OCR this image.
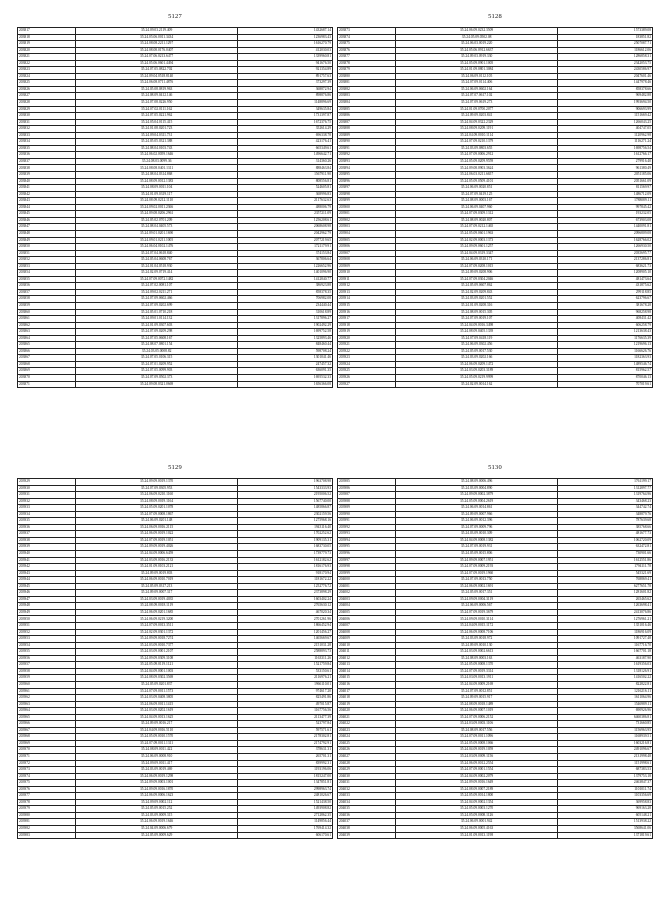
5127
203817	35.24.09.03.2119.409	1432687.14
203818	35.24.05.06.0011.3434	1236983.43
203819	35.24.08.08.2211.1297	1616270.79
203820	35.24.08.08.0176.0407	412030.03
203821	35.24.07.06.0213.6477	1339960.81
203822	35.24.05.06.0601.4494	941676.50
203823	35.24.07.05.0822.702	921354.89
203824	35.24.09.04.0518.8140	891757.63
203825	35.24.06.08.0711.4876	373297.39
203826	35.24.05.08.0819.963	368872.94
203827	35.24.08.09.0412.146	898876.86
203828	35.24.07.08.0226.950	1148896.69
203829	35.24.07.02.0111.162	349635.84
203830	35.24.07.05.0221.962	1731397.87
203831	35.24.05.04.0115.415	1672376.75
203832	35.24.01.08.0201.723	352614.29
203833	35.24.09.04.0311.731	696338.78
203834	35.24.05.05.0321.388	423176.41
203835	35.24.08.04.0103.743	665349.61
203836	35.24.06.02.0059.1646	1496642.71
203837	35.24.08.03.0099.36	314360.26
203838	35.24.08.08.0401.1311	888463.84
203839	35.24.08.04.0314.868	1567911.90
203840	35.24.08.09.0012.1383	808556.81
203841	35.24.08.09.0011.104	524605.81
203842	35.24.01.09.0319.117	368996.83
203843	35.24.08.09.0212.1110	2117632.63
203844	35.24.09.02.0011.2366	488006.79
203845	35.24.09.08.0206.2961	2357211.09
203846	35.24.05.02.0701.209	1256208.61
203847	35.24.08.04.0405.573	2068608.98
203848	35.24.09.01.0201.1690	2042962.79
203849	35.24.09.01.0211.1005	2077219.65
203850	35.24.06.04.0102.1476	1721179.91
203851	35.24.07.04.0618.840	374153.84
203852	35.24.05.04.0608.767	367806.64
203853	35.24.01.04.0518.930	1226652.96
203854	35.24.02.09.0719.414	1401096.90
203855	35.24.07.09.0072.1482	1412840.77
203856	35.24.07.02.0081.107	386923.88
203857	35.24.09.02.0211.271	858378.35
203858	35.24.07.09.0602.466	706982.08
203859	35.24.07.09.0202.699	234440.44
203860	35.24.05.01.0710.218	310618.89
203861	35.24.09.01.0114.132	1317896.27
203862	35.24.01.09.0307.603	1902492.29
203863	35.24.07.09.0209.298	1699752.58
203864	35.24.07.05.0608.167	1325893.46
203865	35.24.08.07.0801.154	848460.44
203866	35.24.03.05.0008.82	598708.24
203867	35.24.07.05.0106.315	1301041.46
203868	35.24.07.01.0209.952	247457.32
203869	35.24.07.05.0099.903	636091.35
203870	35.24.07.09.0502.373	1695532.33
203871	35.24.09.08.0321.0669	1656366.08
5128
203873	35.24.06.09.0232.3509	1573389.08
203874	35.24.05.09.0502.08	183851.82
203875	35.24.06.03.0019.220	2507087.71
203876	35.24.05.06.0912.6637	1186612.06
203877	35.24.09.03.0919.330	1286858.31
203878	35.24.05.09.0901.1005	2342053.75
203879	35.24.01.09.0801.3084	2430586.97
203880	35.24.06.09.0112.105	2047601.46
203881	35.24.07.09.0114.406	1447978.46
203882	35.24.06.09.0602.164	858378.66
203883	35.24.07.07.0617.102	969482.88
203884	35.24.07.09.0619.273	1993694.50
203885	35.24.01.09.0700.2077	906693.99
203886	35.24.09.09.0203.841	1151669.42
203887	35.24.04.09.0322.2329	1266043.25
203888	35.24.08.09.0209.1191	404747.05
203889	35.24.04.09.0010.1114	1120962.98
203890	35.24.07.09.0210.1379	1116271.24
203891	35.24.03.09.0803.655	1698756.54
203892	35.24.07.09.0006.2912	1612766.17
203893	35.24.05.09.0209.9559	279916.40
203894	35.24.09.08.0903.3624	961380.49
203895	35.24.06.03.0211.6657	2051185.06
203896	35.24.05.09.0509.4101	2051661.09
203897	35.24.06.09.0020.851	811569.97
203898	35.24.07.09.0419.125	1486712.09
203899	35.24.08.09.0003.167	1788089.11
203900	35.24.06.09.0407.960	997845.42
203901	35.24.07.09.0309.1312	193232.05
203902	35.24.08.09.0020.807	673903.08
203903	35.24.07.09.0212.1465	1440091.81
203904	35.24.05.09.0601.1963	2096809.08
203905	35.24.02.09.0003.1373	1628766.02
203906	35.24.09.09.0601.1257	1266930.50
203907	35.24.04.09.0319.3347	2035695.77
203908	35.24.06.09.0310.171	2137286.81
203909	35.24.07.09.0208.1015	683621.73
203910	35.24.09.09.0208.906	1208905.10
203911	35.24.07.09.0304.2046	481473.64
203912	35.24.05.09.0607.862	431875.62
203913	35.24.02.09.0209.843	299118.85
203914	35.24.03.09.0201.552	623796.67
203915	35.24.01.09.0208.316	381678.28
203916	35.24.08.09.0015.305	968258.98
203917	35.24.07.09.0019.107	408431.42
203918	35.24.04.09.0016.3498	606258.79
203919	35.24.08.09.0405.1339	1213638.43
203920	35.24.07.09.0418.119	1176635.39
203921	35.24.06.09.0302.456	1219696.13
203922	35.24.05.09.0017.530	1166626.76
203923	35.24.03.09.0202.166	1182363.93
203924	35.24.06.09.0209.1472	1489546.74
203925	35.24.03.09.0203.3189	815962.57
203926	35.24.05.09.0219.9999	870046.13
203927	35.24.02.09.0014.162	707019.61
5129
203929	35.24.09.09.0019.1370	1963708.98
203930	35.24.07.09.0305.953	1543333.93
203931	35.24.06.09.0210.1160	2195006.52
203932	35.24.08.09.0019.1164	1567740.00
203933	35.24.05.09.0201.1078	1485866.87
203934	35.24.07.09.0008.1867	2302159.56
203935	35.24.06.09.0201.148	1275968.16
203936	35.24.06.09.0016.2115	1943116.40
203937	35.24.06.09.0019.1022	1702252.62
203938	35.24.07.09.0019.1051	1909135.31
203939	35.24.09.09.0019.4026	1683730.05
203940	35.24.04.09.0006.6459	1739779.73
203941	35.24.03.09.0016.2133	1612182.62
203942	35.24.01.09.0103.2121	1816176.93
203943	35.24.09.09.0019.803	918170.94
203944	35.24.06.09.0010.7019	1181672.22
203945	35.24.05.09.0317.213	1252776.72
203946	35.24.09.09.0007.317	2373898.29
203947	35.24.03.09.0019.4035	1603402.24
203948	35.24.08.09.0018.1119	2765630.12
203949	35.24.06.09.0201.1685	467020.34
203950	35.24.06.09.0219.3200	2701261.96
203951	35.24.07.09.0013.3511	1866452.94
203952	35.24.02.09.0301.1372	1201456.27
203953	35.24.09.09.0018.7274	1465669.67
203954	35.24.03.09.0010.7377	2151031.28
203955	35.24.03.09.0001.2107	2588893.73
203956	35.24.09.09.0309.3108	1163311.26
203957	35.24.05.09.0119.1121	1521759.84
203958	35.24.04.09.0001.1003	533150.61
203959	35.24.08.09.0302.3569	2116976.21
203960	35.24.05.09.0201.837	1966110.01
203961	35.24.07.09.0011.1573	974617.20
203962	35.24.03.09.0408.3805	825491.86
203963	35.24.06.09.0011.1415	497015.87
203964	35.24.03.09.0202.1619	1167756.56
203965	35.24.04.09.0013.1625	2113477.39
203966	35.24.09.09.0016.217	523797.84
203967	35.24.04.09.0016.5110	597571.61
203968	35.24.05.09.0010.1570	2178302.81
203969	35.24.07.09.0011.1311	2174792.91
203970	35.24.08.09.0011.422	378631.31
203971	35.24.06.09.0008.910	265701.31
203972	35.24.09.09.0011.417	839992.31
203973	35.24.03.09.0019.469	1193196.06
203974	35.24.06.09.0019.1298	1815247.00
203975	35.24.09.09.0003.1001	1347851.81
203976	35.24.09.09.0016.1870	2998963.74
203977	35.24.06.09.0006.1623	2481026.67
203978	35.24.09.09.0002.112	1521438.50
203979	35.24.05.09.0015.252	1493908.82
203980	35.24.03.09.0009.315	2712862.35
203981	35.24.06.09.0019.1646	1149856.44
203982	35.24.04.09.0006.679	1769414.32
203983	35.24.05.09.0009.629	606170.61
5130
203985	35.24.08.09.0006.496	1761199.17
203986	35.24.03.09.0004.890	1312897.77
203987	35.24.09.09.0002.3879	1319764.96
203988	35.24.05.09.0004.2619	343468.23
203989	35.24.06.09.0014.861	344742.74
203990	35.24.09.09.0007.966	348879.76
203991	35.24.06.09.0012.396	787639.68
203992	35.24.07.09.0009.796	385768.66
203993	35.24.03.09.0010.309	481677.73
203994	35.24.04.09.0008.1382	1062720.09
203995	35.24.07.09.0019.931	632472.81
203996	35.24.05.09.0015.806	730901.66
203997	35.24.09.09.0007.1951	1612551.86
203998	35.24.07.09.0009.2193	1794111.78
203999	35.24.07.09.0019.1960	545321.69
204000	35.24.07.09.0013.750	768869.41
204001	35.24.06.09.0002.1691	6277651.78
204002	35.24.05.09.0017.351	1281601.82
204003	35.24.09.09.0004.3119	265465.62
204004	35.24.06.09.0006.567	1263698.41
204005	35.24.07.09.0019.3679	2413076.86
204006	35.24.09.09.0010.3114	1276961.21
204007	35.24.04.09.0015.1172	1351016.46
204008	35.24.06.09.0008.7106	1186916.09
204009	35.24.03.09.0018.972	1091727.48
204010	35.24.09.09.0010.130	1167716.70
204011	35.24.03.09.0002.6613	1667701.18
204012	35.24.08.09.0003.163	463187.90
204013	35.24.05.09.0008.1370	1619356.03
204014	35.24.07.09.0019.3314	1318126.91
204015	35.24.03.09.0013.1911	1416502.22
204016	35.24.04.09.0009.2169	822822.81
204017	35.24.07.09.0012.851	1216216.11
204018	35.24.09.09.0015.917	1611064.96
204019	35.24.08.09.0018.1489	1546989.11
204020	35.24.06.09.0007.1019	690926.96
204021	35.24.07.09.0006.2152	6460386.81
204022	35.24.03.09.0003.1106	731660.85
204023	35.24.08.09.0017.556	1156963.95
204024	35.24.07.09.0011.1096	1168939.51
204025	35.24.05.09.0008.1066	1603216.81
204026	35.24.04.09.0019.1059	2491096.67
204027	35.24.03.09.0009.1156	2131998.48
204028	35.24.06.09.0012.2554	1151998.61
204029	35.24.07.09.0001.1554	687383.53
204030	35.24.04.09.0002.2079	1379753.18
204031	35.24.09.09.0016.1649	2463847.37
204032	35.24.08.09.0007.2189	1101011.74
204033	35.24.05.09.0014.1800	1103356.69
204034	35.24.04.09.0002.1354	369958.83
204035	35.24.05.09.0003.1270	969163.28
204036	35.24.05.09.0008.1126	605148.21
204037	35.24.06.09.0001.942	1513938.22
204038	35.24.06.09.0005.4163	3568641.06
204039	35.24.01.09.0013.1198	1371819.61
